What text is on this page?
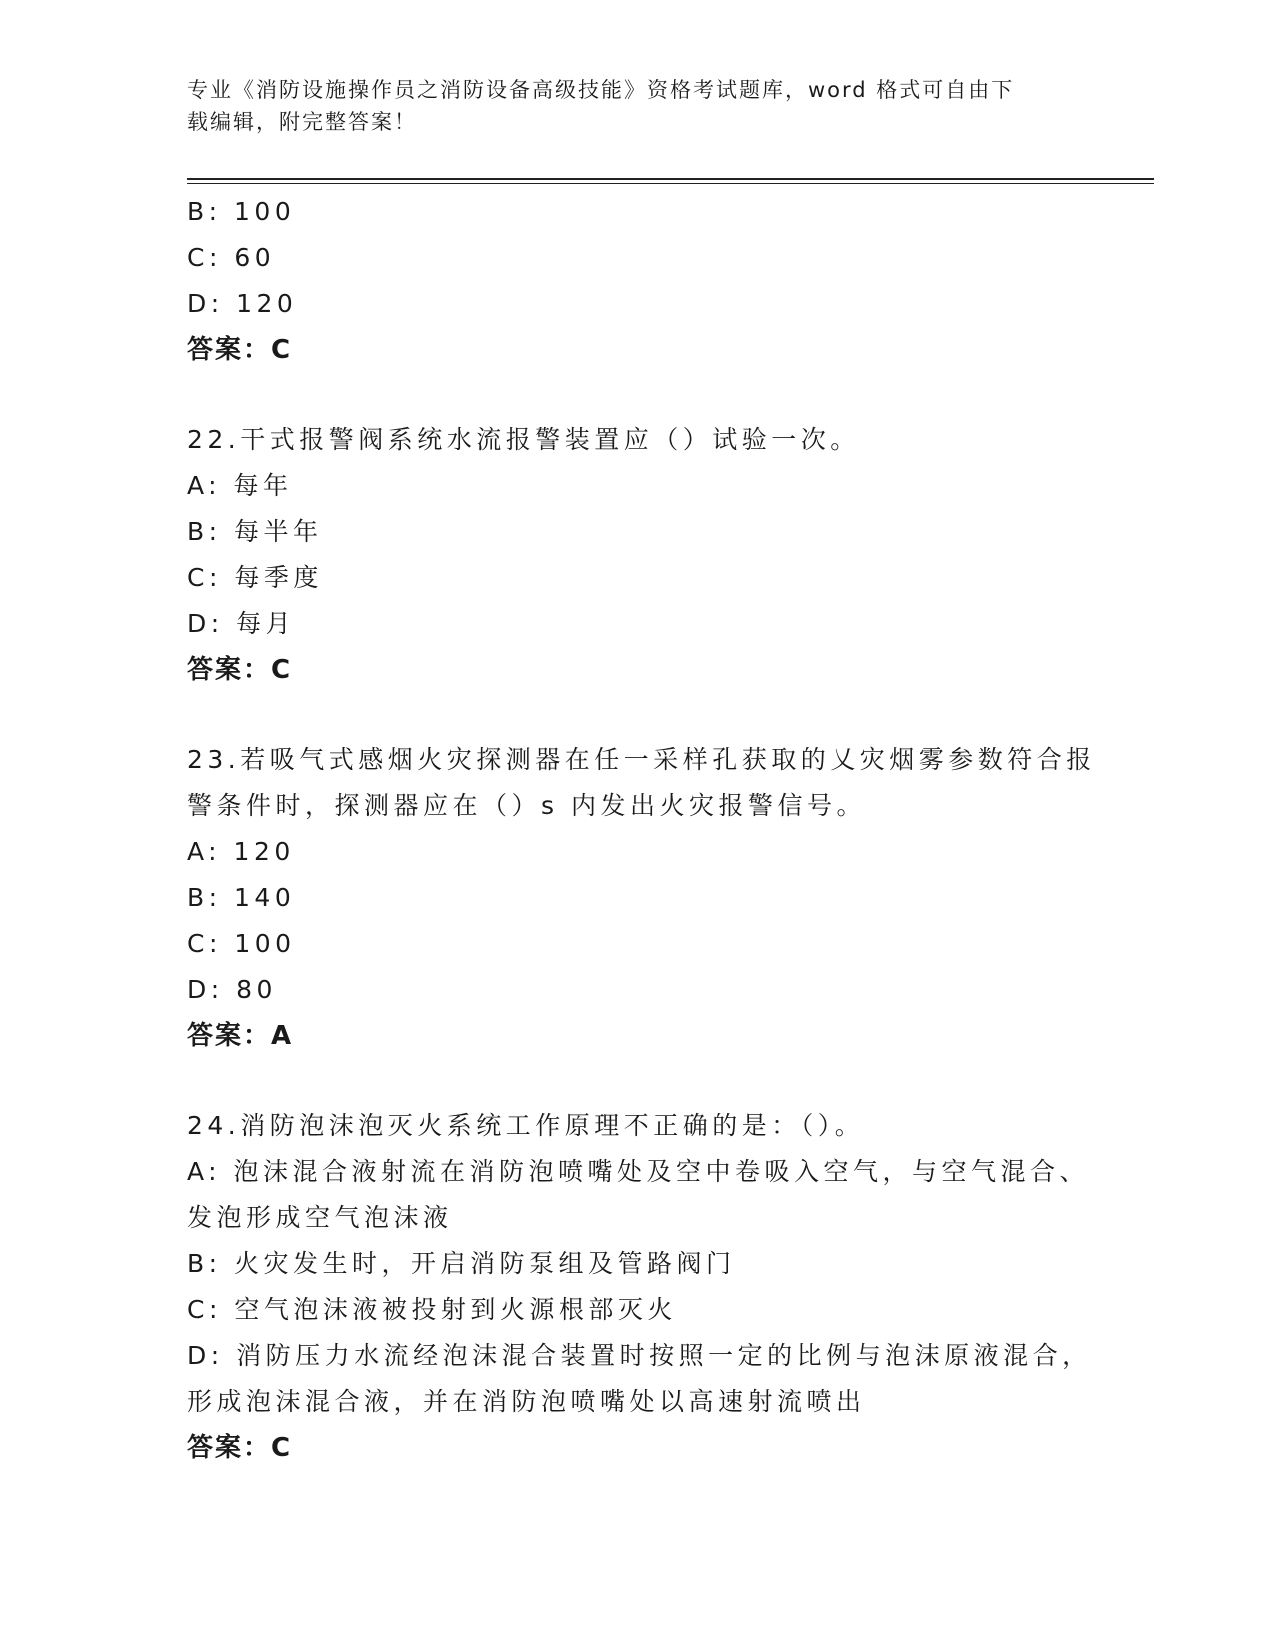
专业《消防设施操作员之消防设备高级技能》资格考试题库，word 格式可自由下
载编辑，附完整答案！
B: 100
C: 60
D: 120
答案：C
22.干式报警阀系统水流报警装置应（）试验一次。
A: 每年
B: 每半年
C: 每季度
D: 每月
答案：C
23.若吸气式感烟火灾探测器在任一采样孔获取的乂灾烟雾参数符合报
警条件时，探测器应在（）s 内发出火灾报警信号。
A: 120
B: 140
C: 100
D: 80
答案：A
24.消防泡沫泡灭火系统工作原理不正确的是：（）。
A: 泡沫混合液射流在消防泡喷嘴处及空中卷吸入空气，与空气混合、
发泡形成空气泡沫液
B: 火灾发生时，开启消防泵组及管路阀门
C: 空气泡沫液被投射到火源根部灭火
D: 消防压力水流经泡沫混合装置时按照一定的比例与泡沫原液混合，
形成泡沫混合液，并在消防泡喷嘴处以高速射流喷出
答案：C
